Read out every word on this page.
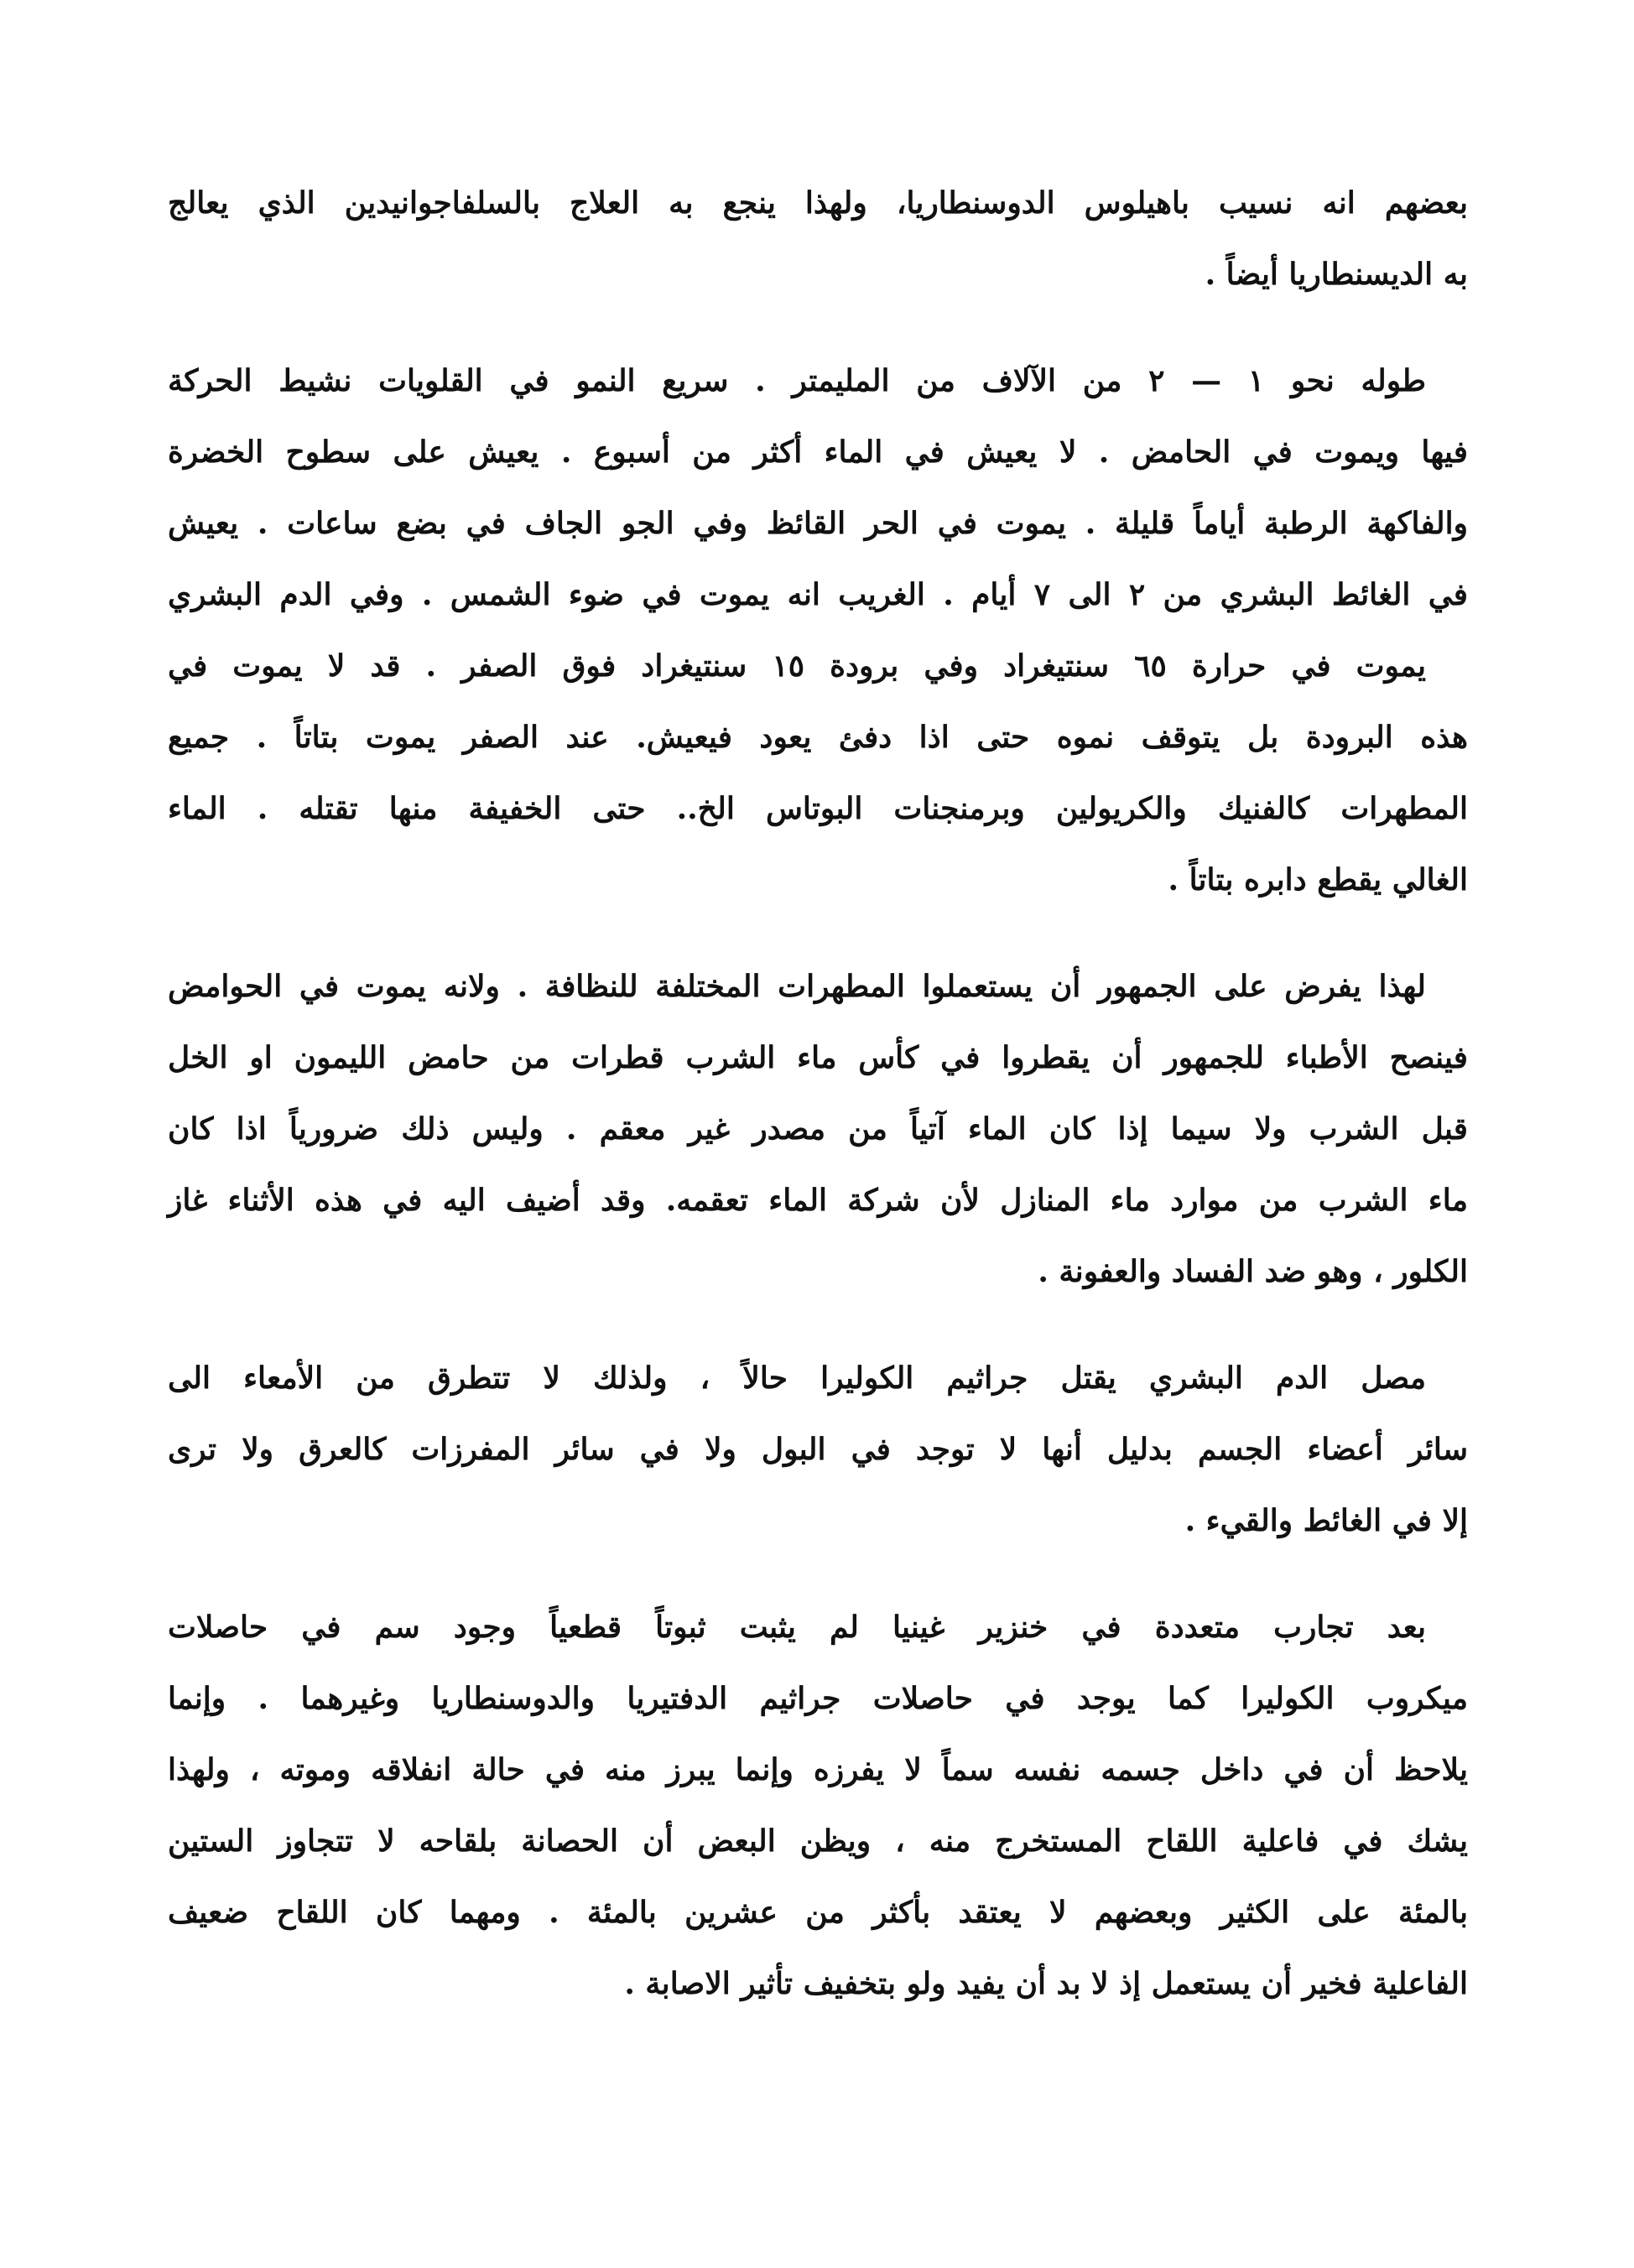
بعضهم انه نسيب باهيلوس الدوسنطاريا، ولهذا ينجع به العلاج بالسلفاجوانيدين الذي يعالج
به الديسنطاريا أيضاً .
طوله نحو ١ — ٢ من الآلاف من المليمتر . سريع النمو في القلويات نشيط الحركة
فيها ويموت في الحامض . لا يعيش في الماء أكثر من أسبوع . يعيش على سطوح الخضرة
والفاكهة الرطبة أياماً قليلة . يموت في الحر القائظ وفي الجو الجاف في بضع ساعات . يعيش
في الغائط البشري من ٢ الى ٧ أيام . الغريب انه يموت في ضوء الشمس . وفي الدم البشري
يموت في حرارة ٦٥ سنتيغراد وفي برودة ١٥ سنتيغراد فوق الصفر . قد لا يموت في
هذه البرودة بل يتوقف نموه حتى اذا دفئ يعود فيعيش. عند الصفر يموت بتاتاً . جميع
المطهرات كالفنيك والكريولين وبرمنجنات البوتاس الخ.. حتى الخفيفة منها تقتله . الماء
الغالي يقطع دابره بتاتاً .
لهذا يفرض على الجمهور أن يستعملوا المطهرات المختلفة للنظافة . ولانه يموت في الحوامض
فينصح الأطباء للجمهور أن يقطروا في كأس ماء الشرب قطرات من حامض الليمون او الخل
قبل الشرب ولا سيما إذا كان الماء آتياً من مصدر غير معقم . وليس ذلك ضرورياً اذا كان
ماء الشرب من موارد ماء المنازل لأن شركة الماء تعقمه. وقد أضيف اليه في هذه الأثناء غاز
الكلور ، وهو ضد الفساد والعفونة .
مصل الدم البشري يقتل جراثيم الكوليرا حالاً ، ولذلك لا تتطرق من الأمعاء الى
سائر أعضاء الجسم بدليل أنها لا توجد في البول ولا في سائر المفرزات كالعرق ولا ترى
إلا في الغائط والقيء .
بعد تجارب متعددة في خنزير غينيا لم يثبت ثبوتاً قطعياً وجود سم في حاصلات
ميكروب الكوليرا كما يوجد في حاصلات جراثيم الدفتيريا والدوسنطاريا وغيرهما . وإنما
يلاحظ أن في داخل جسمه نفسه سماً لا يفرزه وإنما يبرز منه في حالة انفلاقه وموته ، ولهذا
يشك في فاعلية اللقاح المستخرج منه ، ويظن البعض أن الحصانة بلقاحه لا تتجاوز الستين
بالمئة على الكثير وبعضهم لا يعتقد بأكثر من عشرين بالمئة . ومهما كان اللقاح ضعيف
الفاعلية فخير أن يستعمل إذ لا بد أن يفيد ولو بتخفيف تأثير الاصابة .
